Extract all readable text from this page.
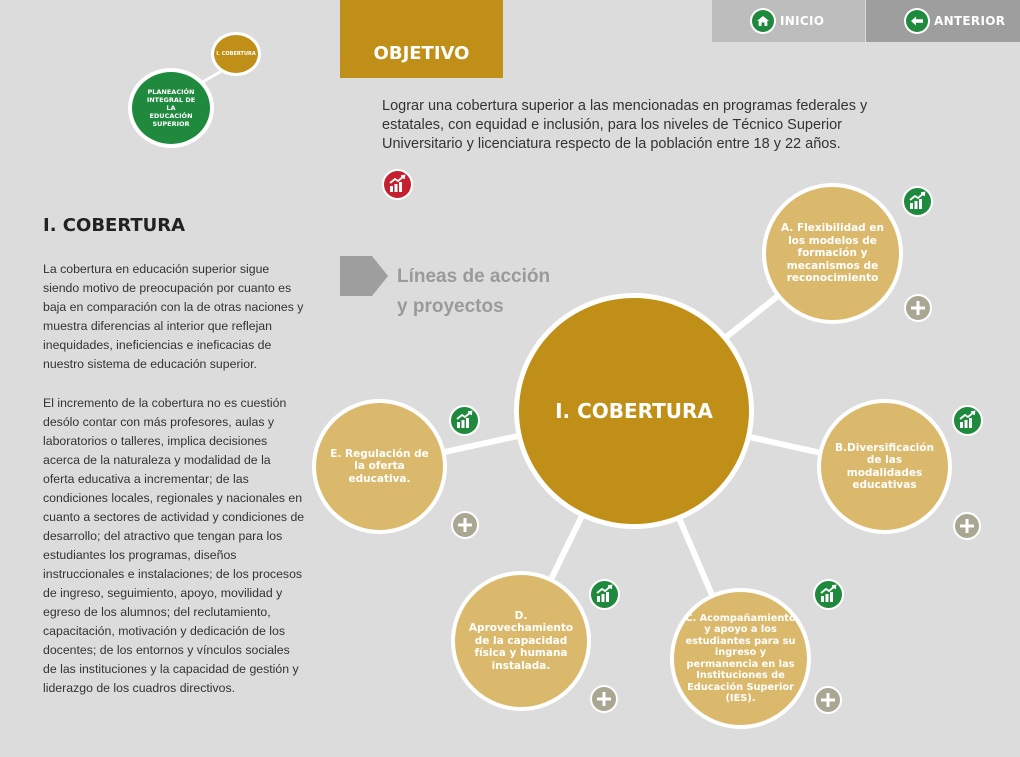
INICIO	ANTERIOR
I. COBERTURA
PLANEACIÓN INTEGRAL DE LA EDUCACIÓN SUPERIOR
OBJETIVO
Lograr una cobertura superior a las mencionadas en programas federales y estatales, con equidad e inclusión, para los niveles de Técnico Superior Universitario y licenciatura respecto de la población entre 18 y 22 años.
I. COBERTURA
La cobertura en educación superior sigue siendo motivo de preocupación por cuanto es baja en comparación con la de otras naciones y muestra diferencias al interior que reflejan inequidades, ineficiencias e ineficacias de nuestro sistema de educación superior.
El incremento de la cobertura no es cuestión desólo contar con más profesores, aulas y laboratorios o talleres, implica decisiones acerca de la naturaleza y modalidad de la oferta educativa a incrementar; de las condiciones locales, regionales y nacionales en cuanto a sectores de actividad y condiciones de desarrollo; del atractivo que tengan para los estudiantes los programas, diseños instruccionales e instalaciones; de los procesos de ingreso, seguimiento, apoyo, movilidad y egreso de los alumnos; del reclutamiento, capacitación, motivación y dedicación de los docentes; de los entornos y vínculos sociales de las instituciones y la capacidad de gestión y liderazgo de los cuadros directivos.
Líneas de acción
y proyectos
I. COBERTURA
A. Flexibilidad en los modelos de formación y mecanismos de reconocimiento
B.Diversificación de las modalidades educativas
C. Acompañamiento y apoyo a los estudiantes para su ingreso y permanencia en las Instituciones de Educación Superior (IES).
D. Aprovechamiento de la capacidad física y humana instalada.
E. Regulación de la oferta educativa.
